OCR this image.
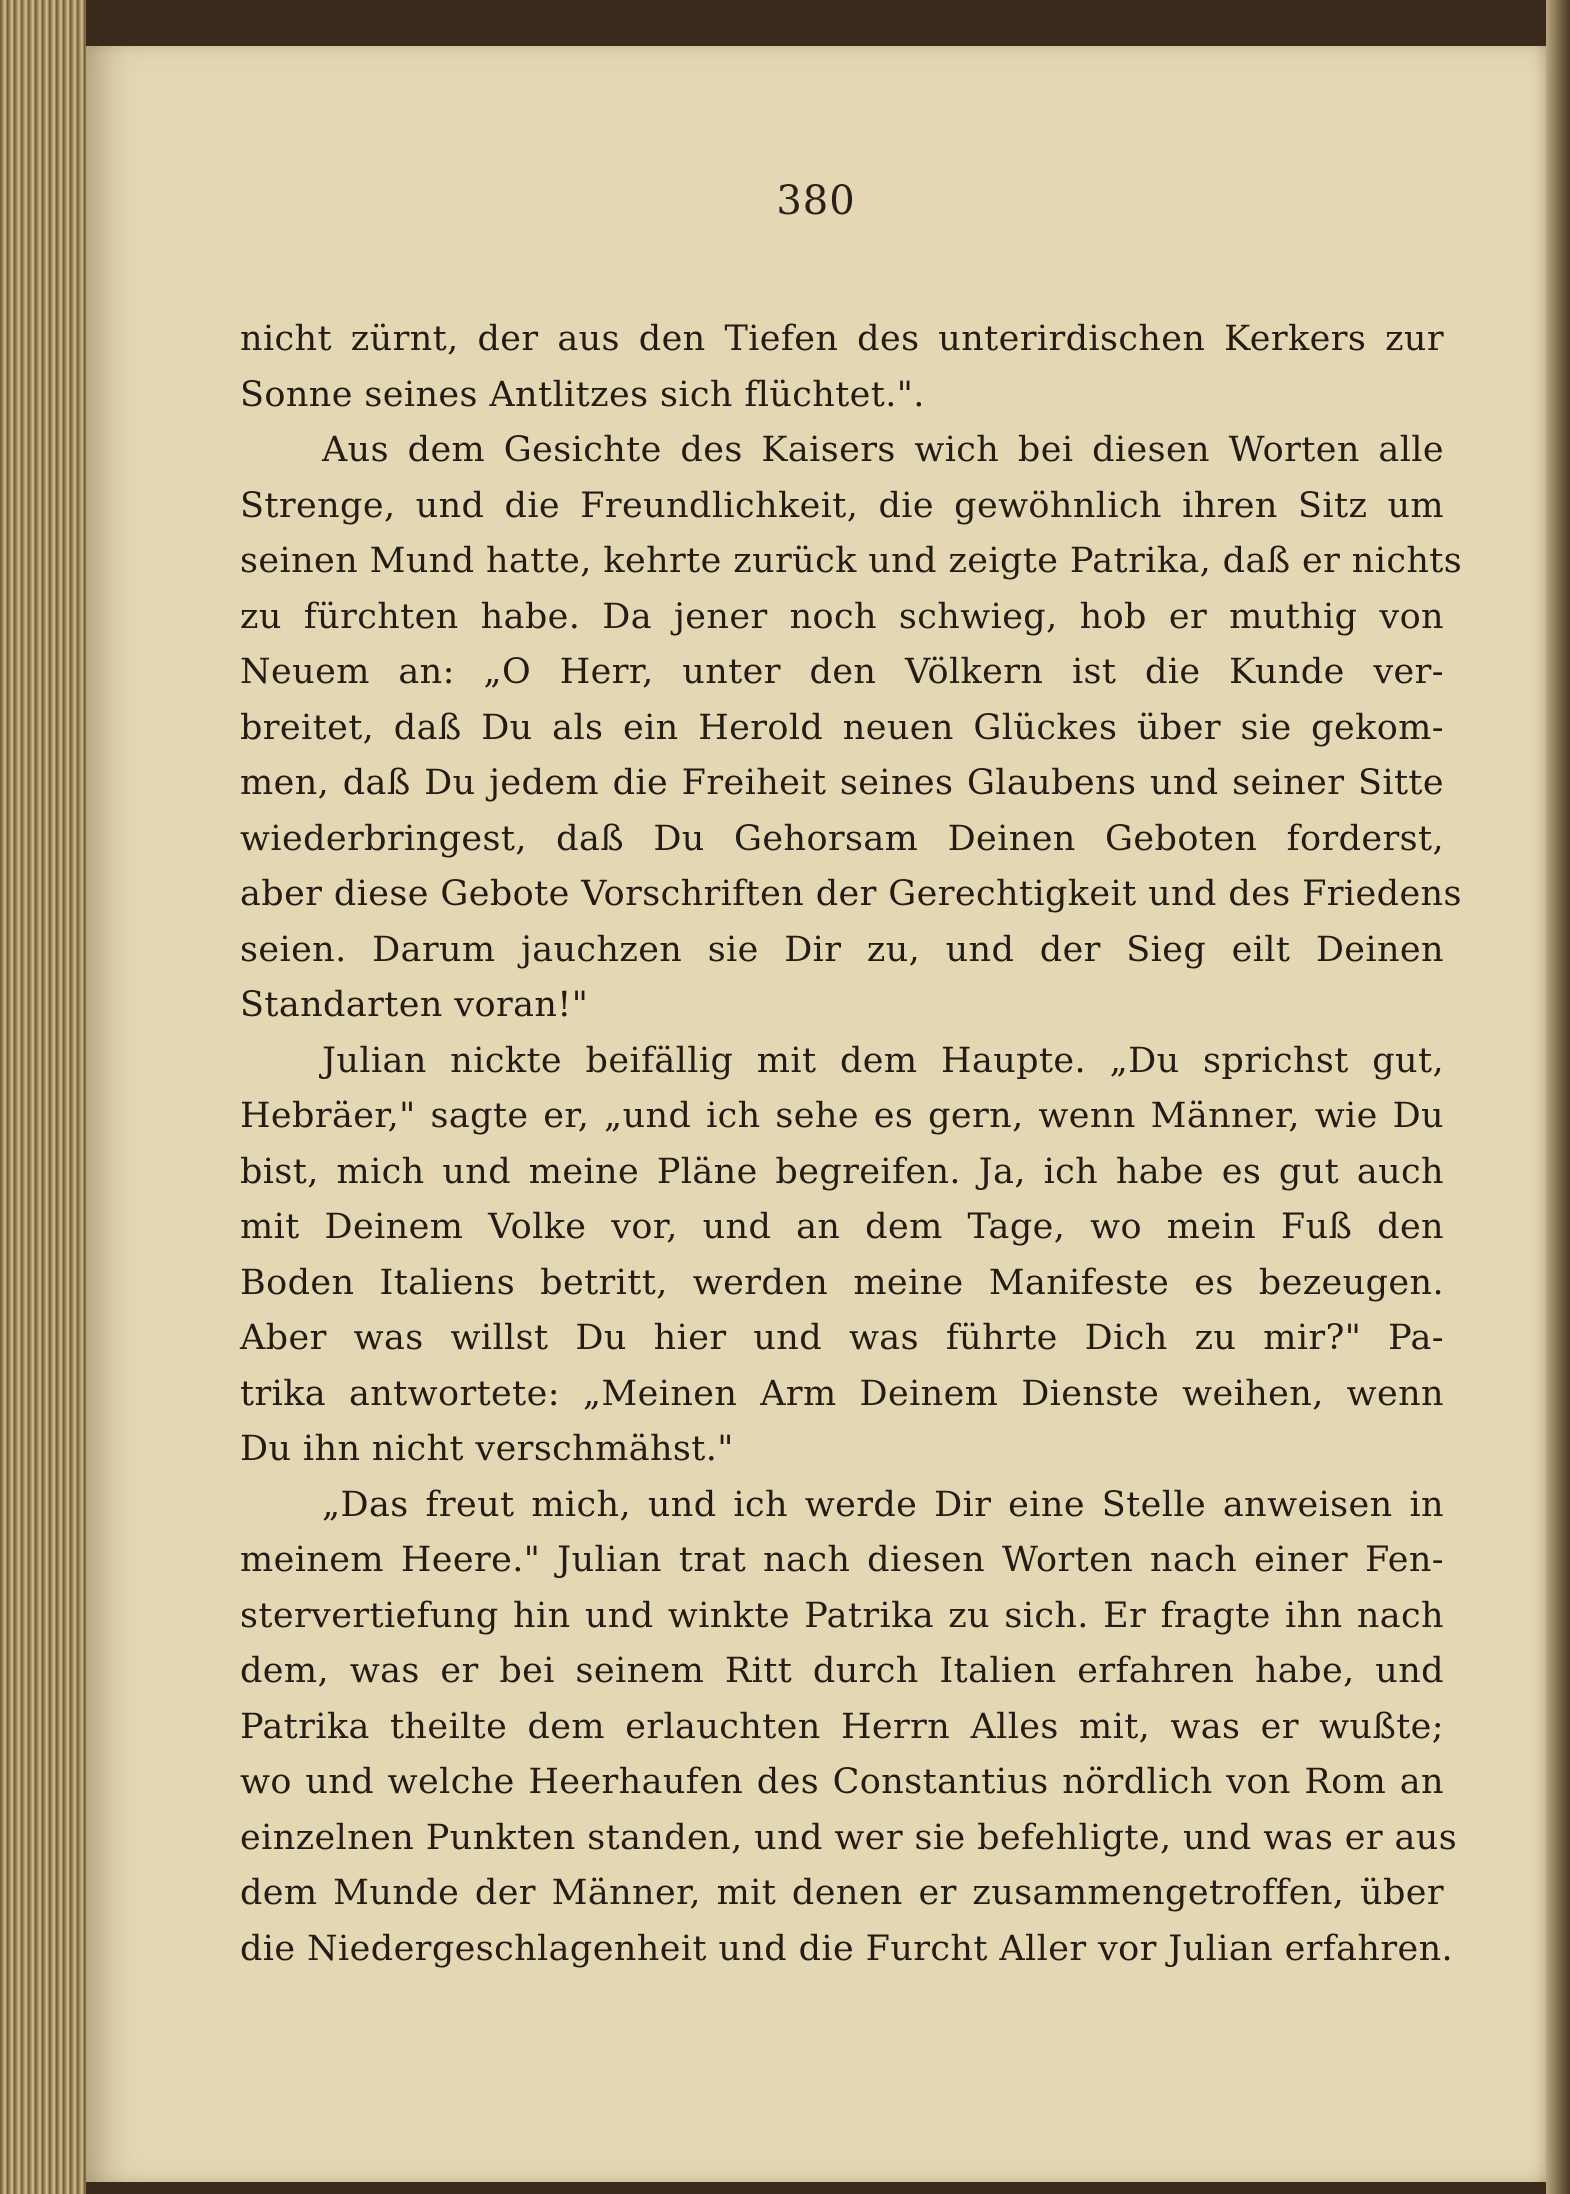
380
nicht zürnt, der aus den Tiefen des unterirdischen Kerkers zur
Sonne seines Antlitzes sich flüchtet.".
Aus dem Gesichte des Kaisers wich bei diesen Worten alle
Strenge, und die Freundlichkeit, die gewöhnlich ihren Sitz um
seinen Mund hatte, kehrte zurück und zeigte Patrika, daß er nichts
zu fürchten habe. Da jener noch schwieg, hob er muthig von
Neuem an: „O Herr, unter den Völkern ist die Kunde ver-
breitet, daß Du als ein Herold neuen Glückes über sie gekom-
men, daß Du jedem die Freiheit seines Glaubens und seiner Sitte
wiederbringest, daß Du Gehorsam Deinen Geboten forderst,
aber diese Gebote Vorschriften der Gerechtigkeit und des Friedens
seien. Darum jauchzen sie Dir zu, und der Sieg eilt Deinen
Standarten voran!"
Julian nickte beifällig mit dem Haupte. „Du sprichst gut,
Hebräer," sagte er, „und ich sehe es gern, wenn Männer, wie Du
bist, mich und meine Pläne begreifen. Ja, ich habe es gut auch
mit Deinem Volke vor, und an dem Tage, wo mein Fuß den
Boden Italiens betritt, werden meine Manifeste es bezeugen.
Aber was willst Du hier und was führte Dich zu mir?" Pa-
trika antwortete: „Meinen Arm Deinem Dienste weihen, wenn
Du ihn nicht verschmähst."
„Das freut mich, und ich werde Dir eine Stelle anweisen in
meinem Heere." Julian trat nach diesen Worten nach einer Fen-
stervertiefung hin und winkte Patrika zu sich. Er fragte ihn nach
dem, was er bei seinem Ritt durch Italien erfahren habe, und
Patrika theilte dem erlauchten Herrn Alles mit, was er wußte;
wo und welche Heerhaufen des Constantius nördlich von Rom an
einzelnen Punkten standen, und wer sie befehligte, und was er aus
dem Munde der Männer, mit denen er zusammengetroffen, über
die Niedergeschlagenheit und die Furcht Aller vor Julian erfahren.
